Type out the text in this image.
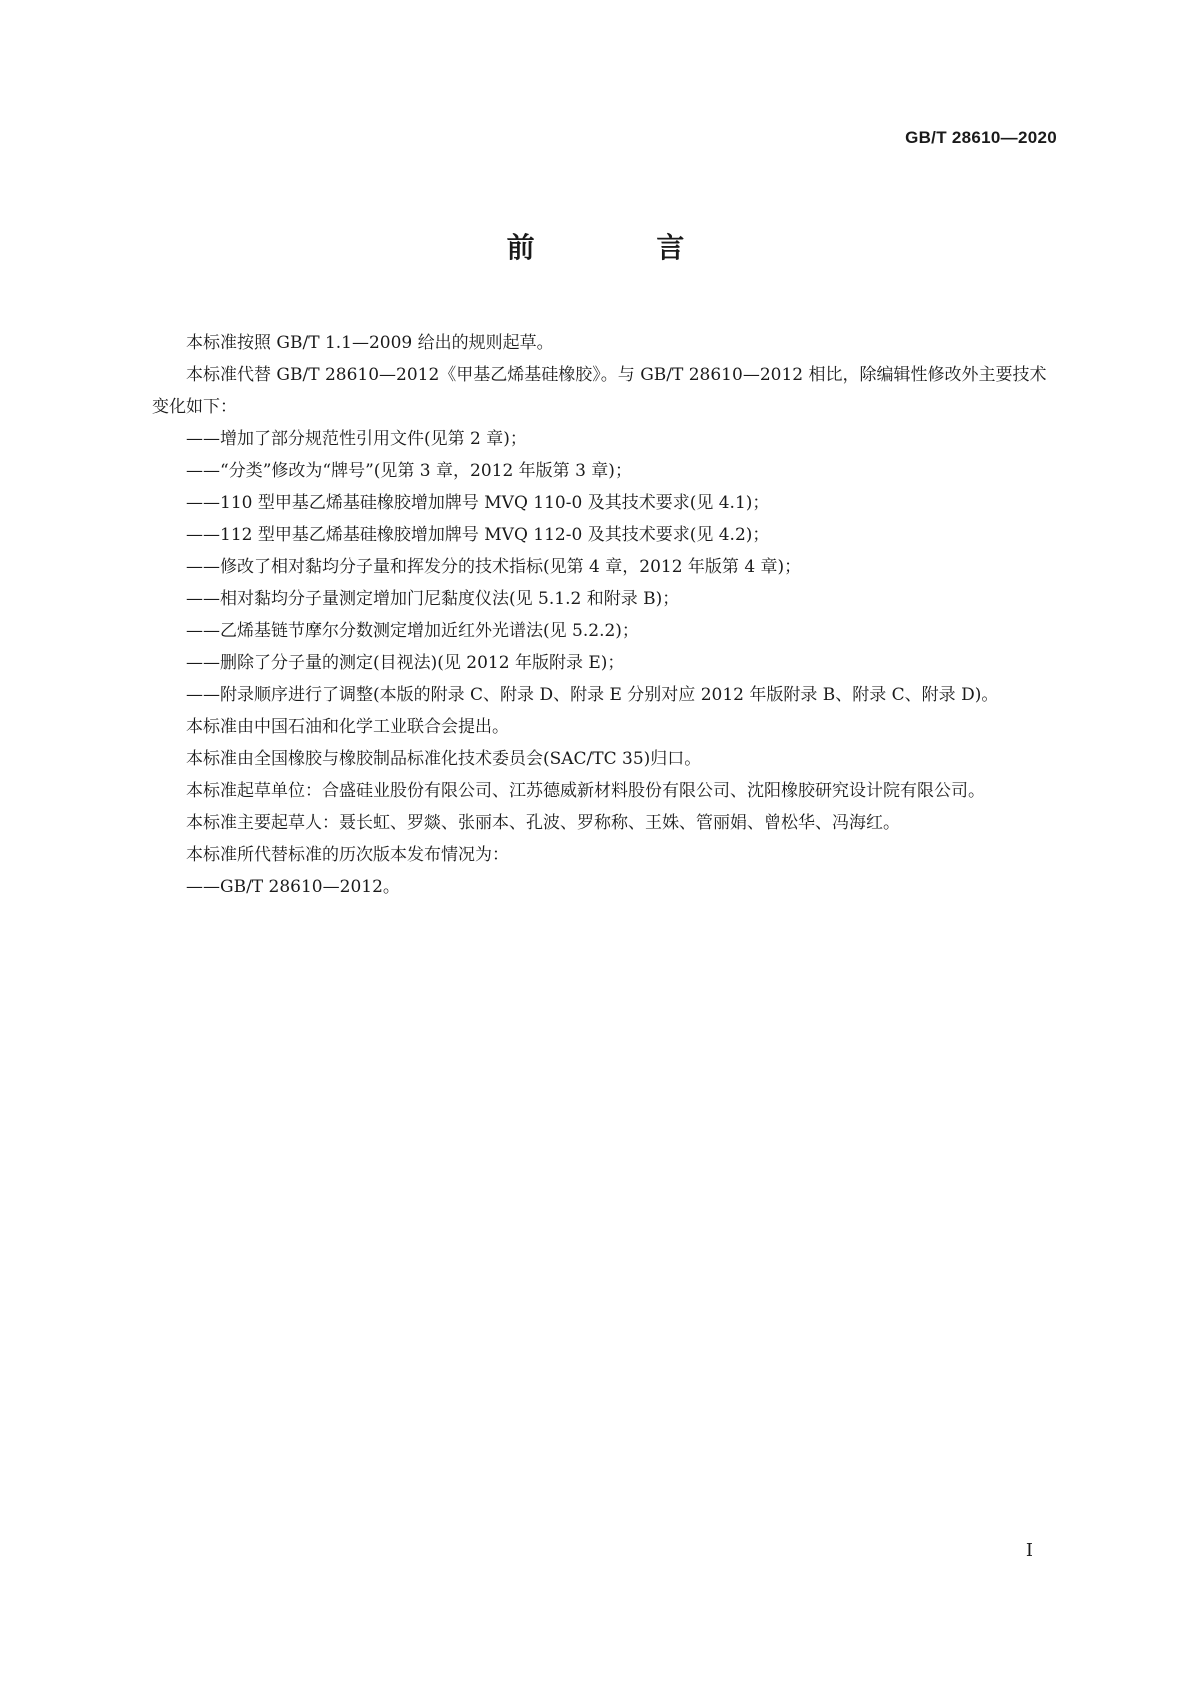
GB/T 28610—2020
前 言

本标准按照 GB/T 1.1—2009 给出的规则起草。

本标准代替 GB/T 28610—2012《甲基乙烯基硅橡胶》。与 GB/T 28610—2012 相比，除编辑性修改外主要技术变化如下：

——增加了部分规范性引用文件(见第 2 章)；

——“分类”修改为“牌号”(见第 3 章，2012 年版第 3 章)；

——110 型甲基乙烯基硅橡胶增加牌号 MVQ 110-0 及其技术要求(见 4.1)；

——112 型甲基乙烯基硅橡胶增加牌号 MVQ 112-0 及其技术要求(见 4.2)；

——修改了相对黏均分子量和挥发分的技术指标(见第 4 章，2012 年版第 4 章)；

——相对黏均分子量测定增加门尼黏度仪法(见 5.1.2 和附录 B)；

——乙烯基链节摩尔分数测定增加近红外光谱法(见 5.2.2)；

——删除了分子量的测定(目视法)(见 2012 年版附录 E)；

——附录顺序进行了调整(本版的附录 C、附录 D、附录 E 分别对应 2012 年版附录 B、附录 C、附录 D)。

本标准由中国石油和化学工业联合会提出。

本标准由全国橡胶与橡胶制品标准化技术委员会(SAC/TC 35)归口。

本标准起草单位：合盛硅业股份有限公司、江苏德威新材料股份有限公司、沈阳橡胶研究设计院有限公司。

本标准主要起草人：聂长虹、罗燚、张丽本、孔波、罗称称、王姝、管丽娟、曾松华、冯海红。

本标准所代替标准的历次版本发布情况为：

——GB/T 28610—2012。

I
